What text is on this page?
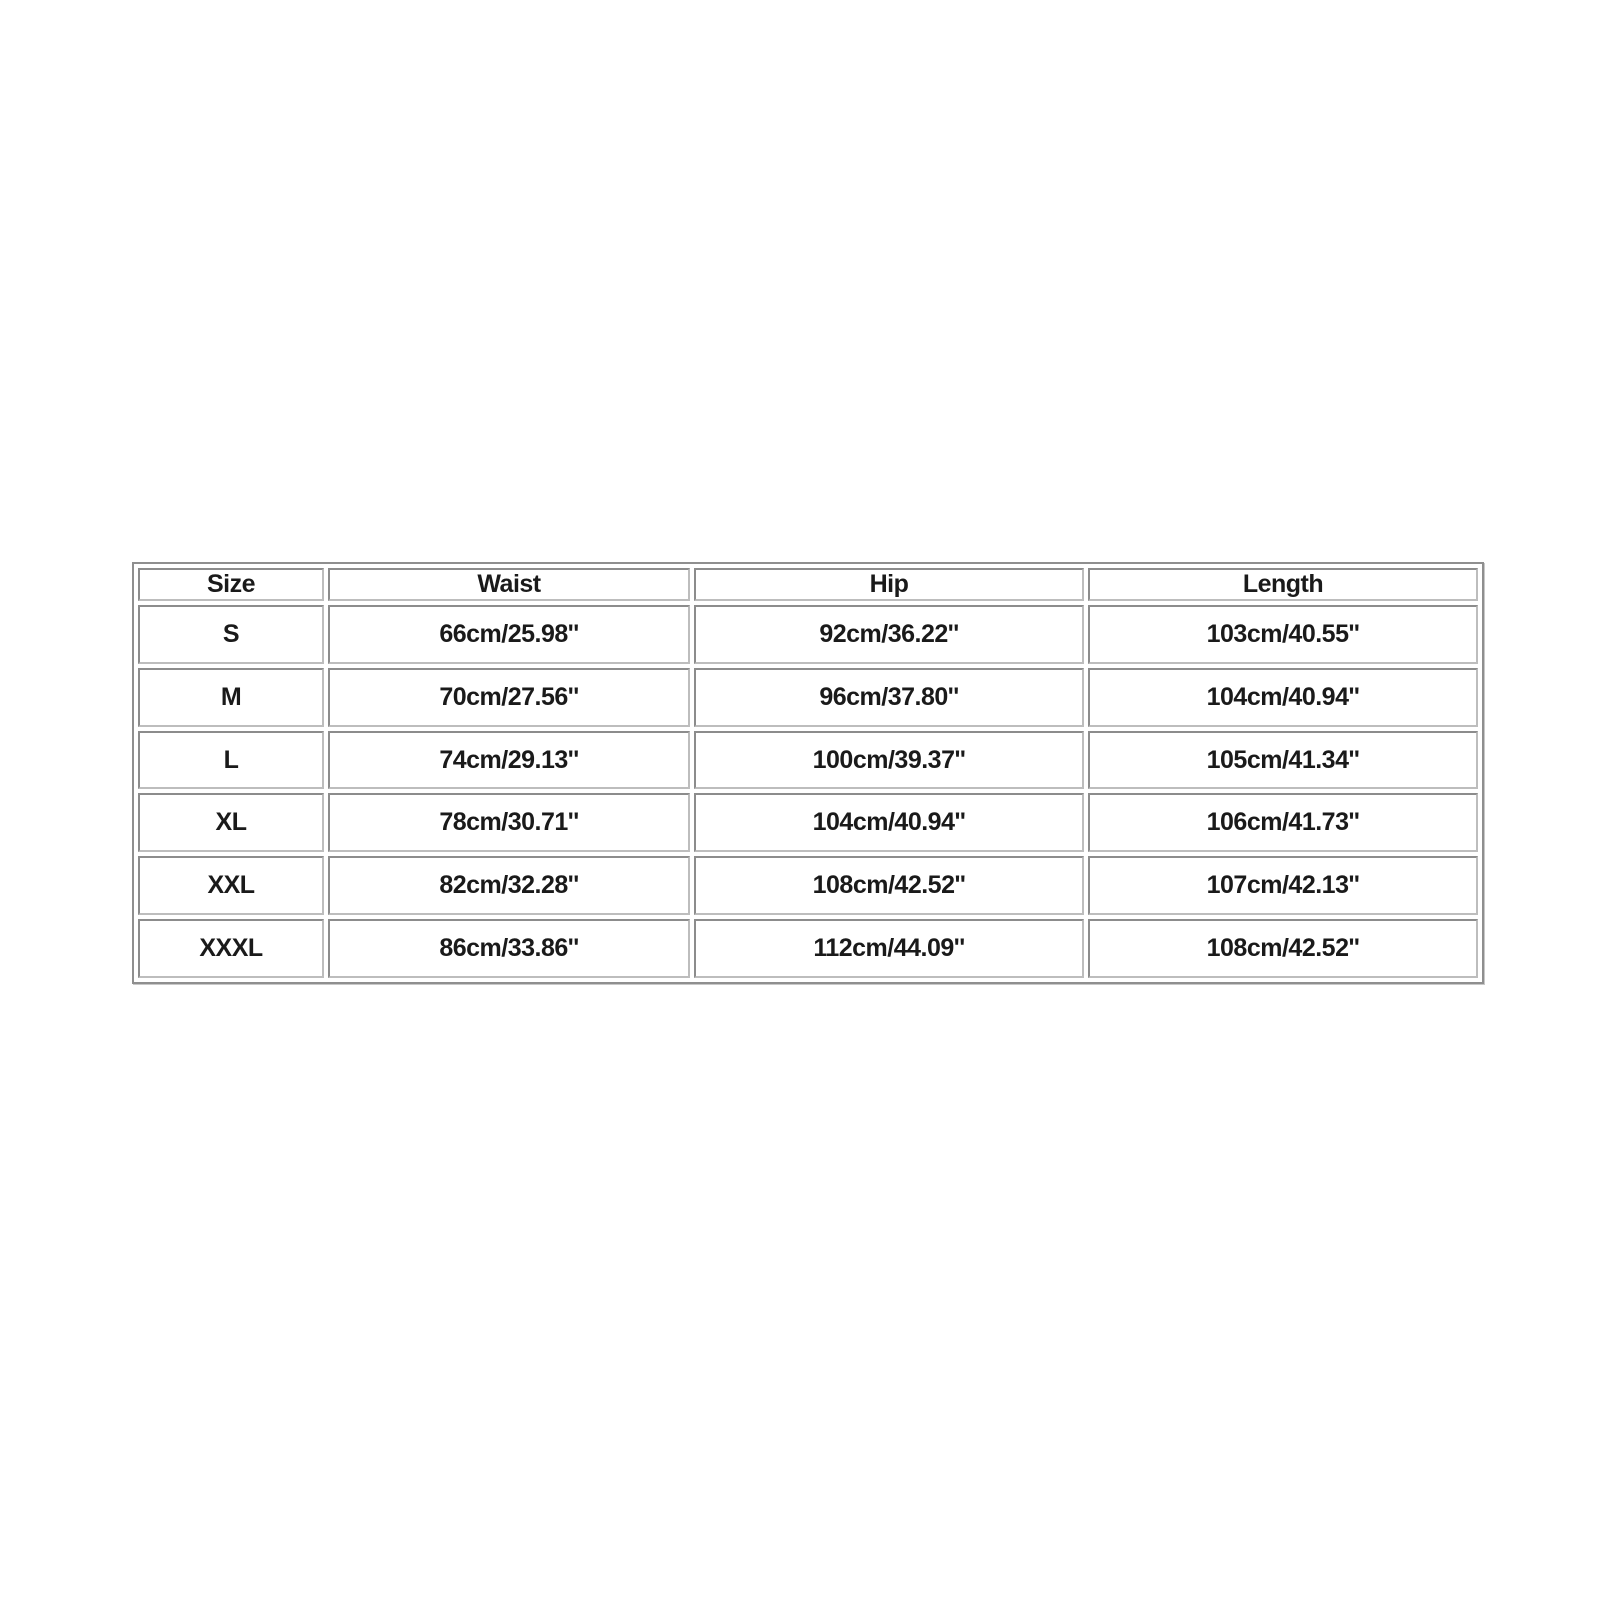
Size	Waist	Hip	Length
S	66cm/25.98''	92cm/36.22''	103cm/40.55''
M	70cm/27.56''	96cm/37.80''	104cm/40.94''
L	74cm/29.13''	100cm/39.37''	105cm/41.34''
XL	78cm/30.71''	104cm/40.94''	106cm/41.73''
XXL	82cm/32.28''	108cm/42.52''	107cm/42.13''
XXXL	86cm/33.86''	112cm/44.09''	108cm/42.52''
